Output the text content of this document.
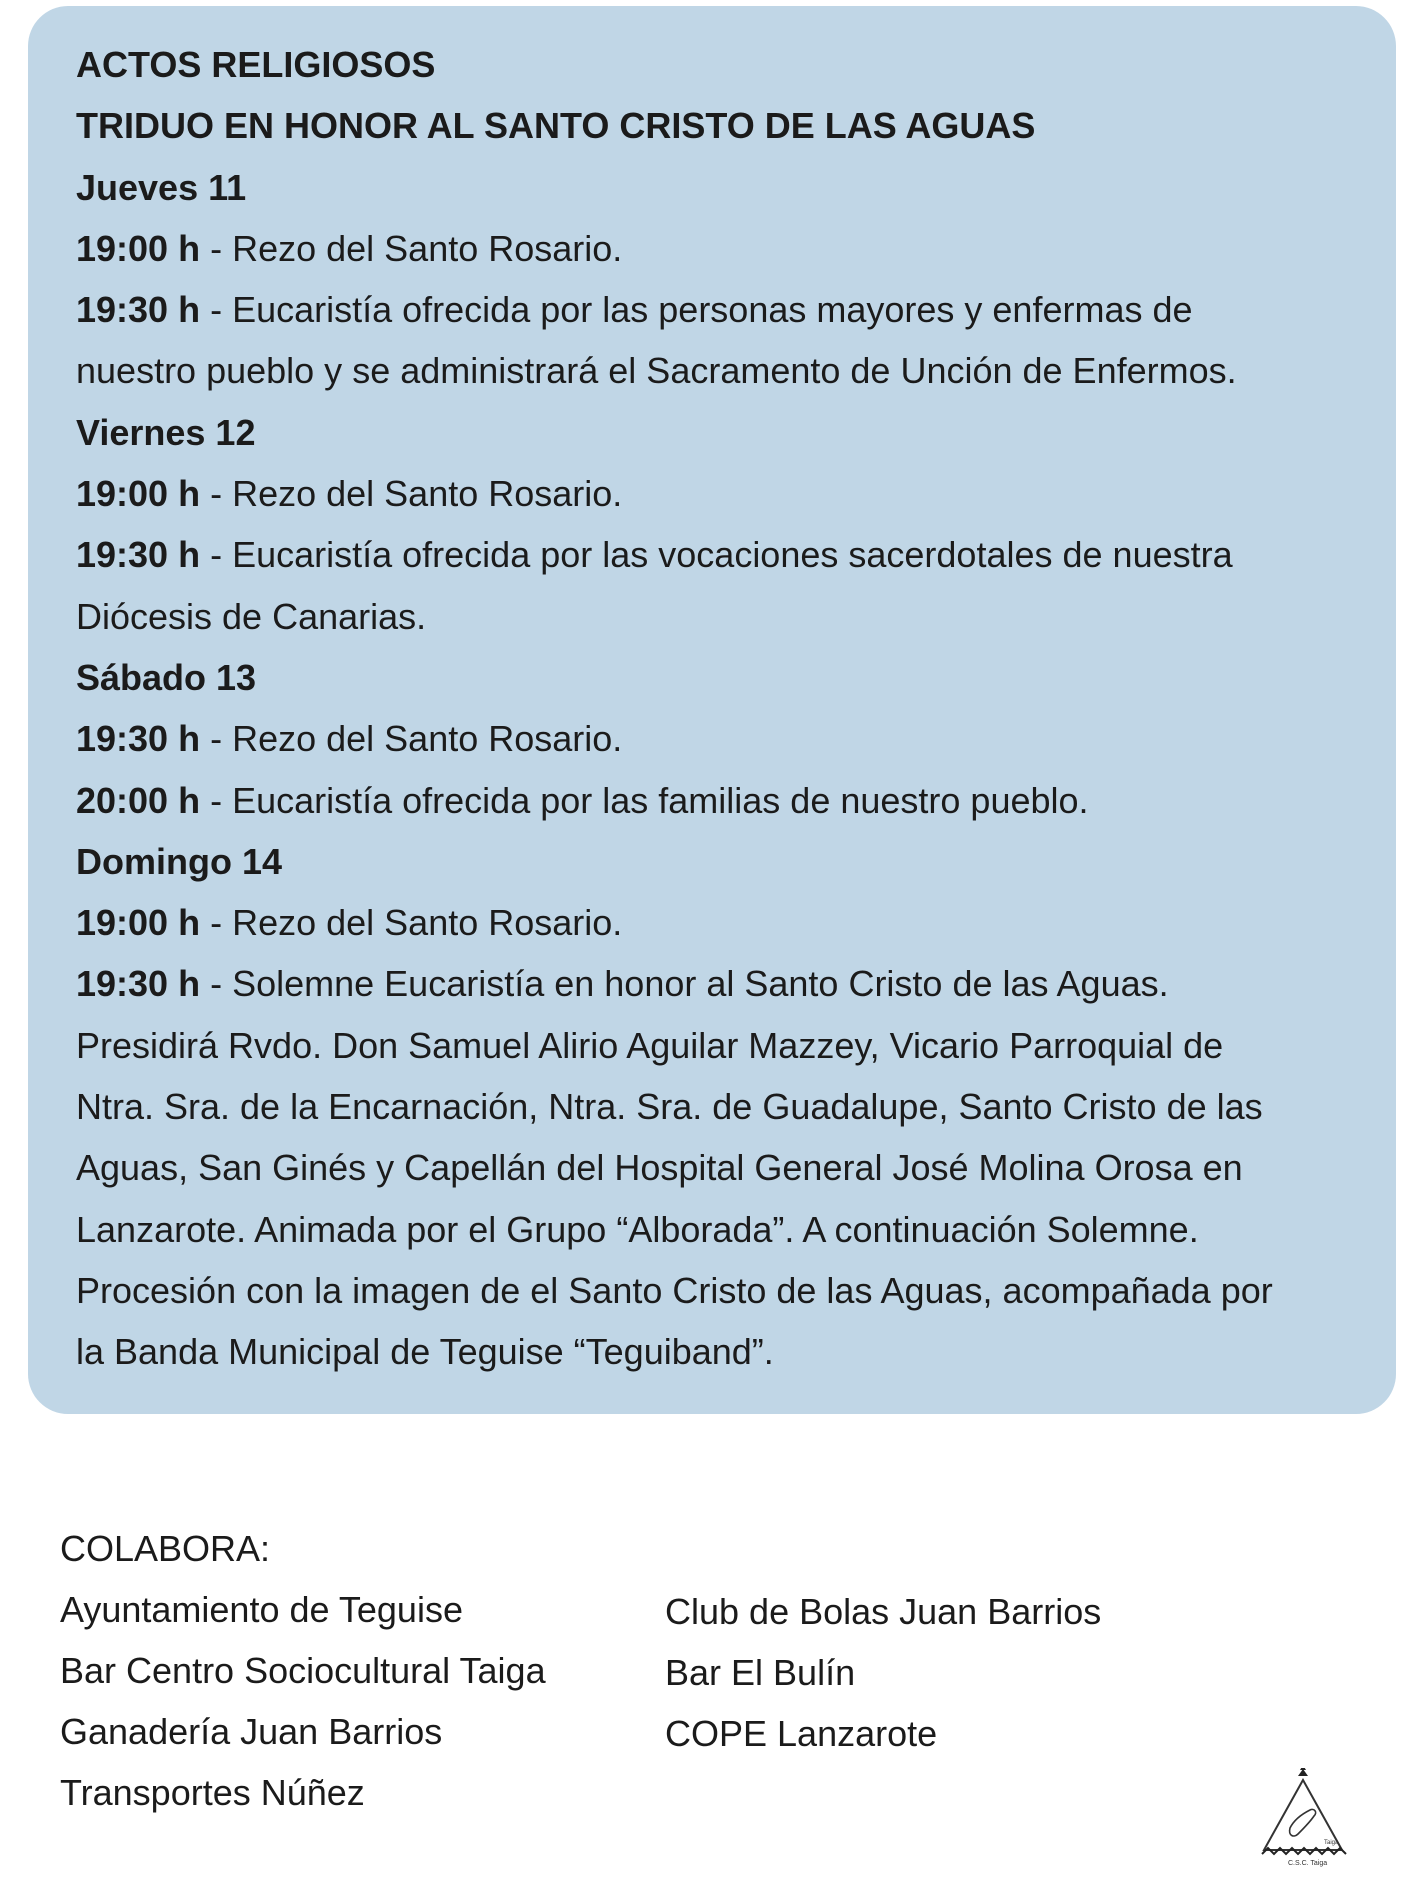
ACTOS RELIGIOSOS

TRIDUO EN HONOR AL SANTO CRISTO DE LAS AGUAS

Jueves 11

19:00 h - Rezo del Santo Rosario.

19:30 h - Eucaristía ofrecida por las personas mayores y enfermas de

nuestro pueblo y se administrará el Sacramento de Unción de Enfermos.

Viernes 12

19:00 h - Rezo del Santo Rosario.

19:30 h - Eucaristía ofrecida por las vocaciones sacerdotales de nuestra

Diócesis de Canarias.

Sábado 13

19:30 h - Rezo del Santo Rosario.

20:00 h - Eucaristía ofrecida por las familias de nuestro pueblo.

Domingo 14

19:00 h - Rezo del Santo Rosario.

19:30 h - Solemne Eucaristía en honor al Santo Cristo de las Aguas.

Presidirá Rvdo. Don Samuel Alirio Aguilar Mazzey, Vicario Parroquial de

Ntra. Sra. de la Encarnación, Ntra. Sra. de Guadalupe, Santo Cristo de las

Aguas, San Ginés y Capellán del Hospital General José Molina Orosa en

Lanzarote. Animada por el Grupo “Alborada”. A continuación Solemne.

Procesión con la imagen de el Santo Cristo de las Aguas, acompañada por

la Banda Municipal de Teguise “Teguiband”.

COLABORA:

Ayuntamiento de Teguise
Bar Centro Sociocultural Taiga
Ganadería Juan Barrios
Transportes Núñez
Club de Bolas Juan Barrios
Bar El Bulín
COPE Lanzarote
Taiga
C.S.C. Taiga
